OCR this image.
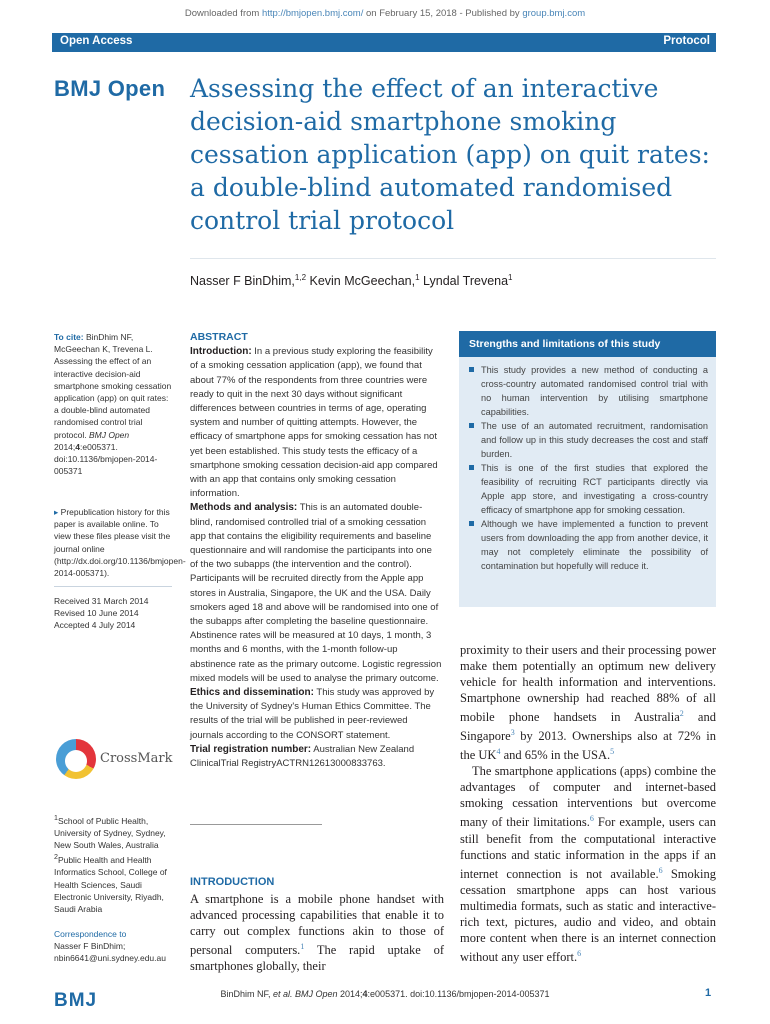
Downloaded from http://bmjopen.bmj.com/ on February 15, 2018 - Published by group.bmj.com
Open Access	Protocol
BMJ Open Assessing the effect of an interactive decision-aid smartphone smoking cessation application (app) on quit rates: a double-blind automated randomised control trial protocol
Nasser F BinDhim,$^{1,2}$ Kevin McGeechan,$^1$ Lyndal Trevena$^1$
To cite: BinDhim NF, McGeechan K, Trevena L. Assessing the effect of an interactive decision-aid smartphone smoking cessation application (app) on quit rates: a double-blind automated randomised control trial protocol. BMJ Open 2014;4:e005371. doi:10.1136/bmjopen-2014-005371
▸ Prepublication history for this paper is available online. To view these files please visit the journal online (http://dx.doi.org/10.1136/bmjopen-2014-005371).
Received 31 March 2014
Revised 10 June 2014
Accepted 4 July 2014
CrossMark
$^1$School of Public Health, University of Sydney, Sydney, New South Wales, Australia
$^2$Public Health and Health Informatics School, College of Health Sciences, Saudi Electronic University, Riyadh, Saudi Arabia
Correspondence to
Nasser F BinDhim;
nbin6641@uni.sydney.edu.au
ABSTRACT

Introduction: In a previous study exploring the feasibility of a smoking cessation application (app), we found that about 77% of the respondents from three countries were ready to quit in the next 30 days without significant differences between countries in terms of age, operating system and number of quitting attempts. However, the efficacy of smartphone apps for smoking cessation has not yet been established. This study tests the efficacy of a smartphone smoking cessation decision-aid app compared with an app that contains only smoking cessation information.

Methods and analysis: This is an automated double-blind, randomised controlled trial of a smoking cessation app that contains the eligibility requirements and baseline questionnaire and will randomise the participants into one of the two subapps (the intervention and the control). Participants will be recruited directly from the Apple app stores in Australia, Singapore, the UK and the USA. Daily smokers aged 18 and above will be randomised into one of the subapps after completing the baseline questionnaire. Abstinence rates will be measured at 10 days, 1 month, 3 months and 6 months, with the 1-month follow-up abstinence rate as the primary outcome. Logistic regression mixed models will be used to analyse the primary outcome.

Ethics and dissemination: This study was approved by the University of Sydney's Human Ethics Committee. The results of the trial will be published in peer-reviewed journals according to the CONSORT statement.

Trial registration number: Australian New Zealand ClinicalTrial RegistryACTRN12613000833763.

Strengths and limitations of this study
This study provides a new method of conducting a cross-country automated randomised control trial with no human intervention by utilising smartphone capabilities.
The use of an automated recruitment, randomisation and follow up in this study decreases the cost and staff burden.
This is one of the first studies that explored the feasibility of recruiting RCT participants directly via Apple app store, and investigating a cross-country efficacy of smartphone app for smoking cessation.
Although we have implemented a function to prevent users from downloading the app from another device, it may not completely eliminate the possibility of contamination but hopefully will reduce it.
INTRODUCTION
A smartphone is a mobile phone handset with advanced processing capabilities that enable it to carry out complex functions akin to those of personal computers.$^1$ The rapid uptake of smartphones globally, their

proximity to their users and their processing power make them potentially an optimum new delivery vehicle for health information and interventions. Smartphone ownership had reached 88% of all mobile phone handsets in Australia$^2$ and Singapore$^3$ by 2013. Ownerships also at 72% in the $UK^4$ and 65% in the USA.$^5$

The smartphone applications (apps) combine the advantages of computer and internet-based smoking cessation interventions but overcome many of their limitations.$^6$ For example, users can still benefit from the computational interactive functions and static information in the apps if an internet connection is not available.$^6$ Smoking cessation smartphone apps can host various multimedia formats, such as static and interactive-rich text, pictures, audio and video, and obtain more content when there is an internet connection without any user effort.$^6$

BMJ	BinDhim NF, et al. BMJ Open 2014;4:e005371. doi:10.1136/bmjopen-2014-005371	1
